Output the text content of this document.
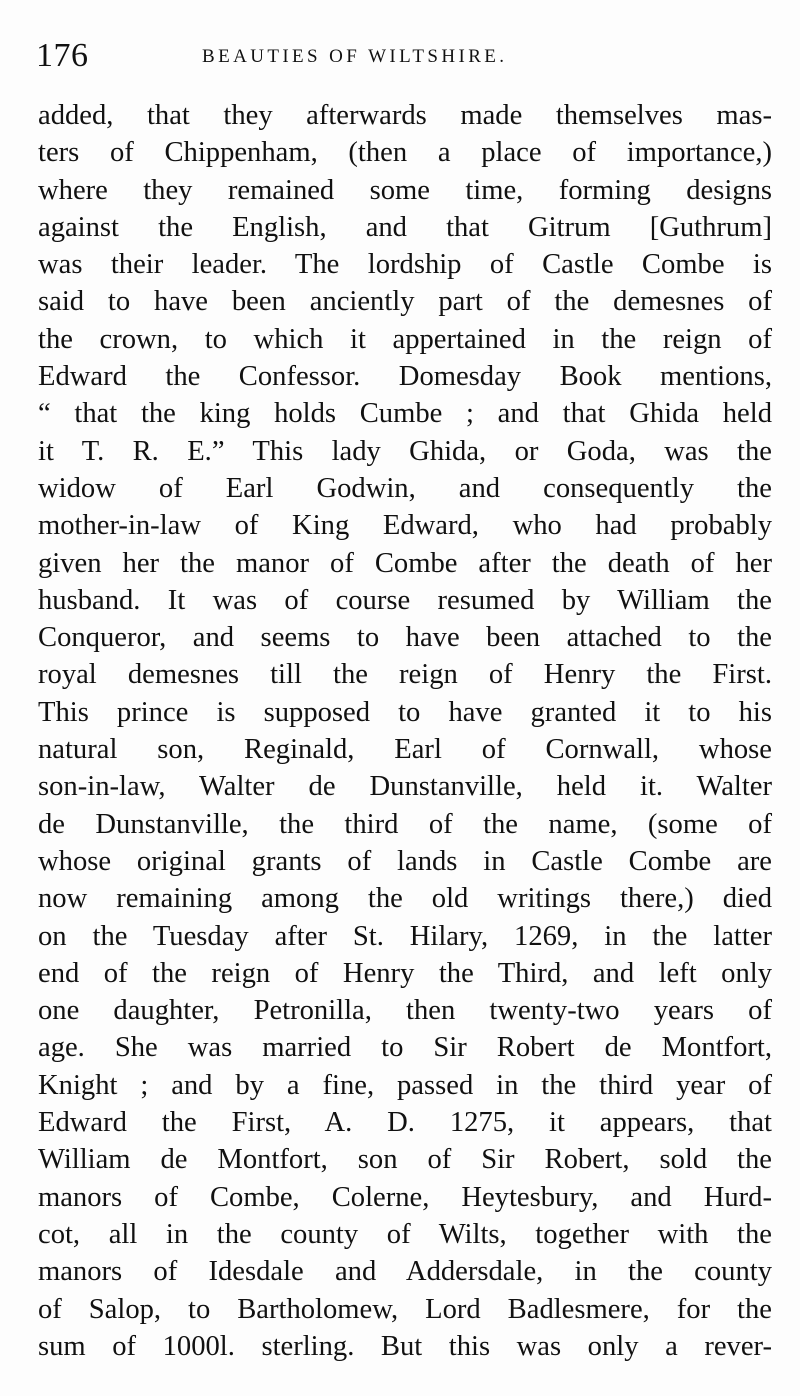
176	BEAUTIES OF WILTSHIRE.
added, that they afterwards made themselves mas-
ters of Chippenham, (then a place of importance,)
where they remained some time, forming designs
against the English, and that Gitrum [Guthrum]
was their leader. The lordship of Castle Combe is
said to have been anciently part of the demesnes of
the crown, to which it appertained in the reign of
Edward the Confessor. Domesday Book mentions,
“ that the king holds Cumbe ; and that Ghida held
it T. R. E.” This lady Ghida, or Goda, was the
widow of Earl Godwin, and consequently the
mother-in-law of King Edward, who had probably
given her the manor of Combe after the death of her
husband. It was of course resumed by William the
Conqueror, and seems to have been attached to the
royal demesnes till the reign of Henry the First.
This prince is supposed to have granted it to his
natural son, Reginald, Earl of Cornwall, whose
son-in-law, Walter de Dunstanville, held it. Walter
de Dunstanville, the third of the name, (some of
whose original grants of lands in Castle Combe are
now remaining among the old writings there,) died
on the Tuesday after St. Hilary, 1269, in the latter
end of the reign of Henry the Third, and left only
one daughter, Petronilla, then twenty-two years of
age. She was married to Sir Robert de Montfort,
Knight ; and by a fine, passed in the third year of
Edward the First, A. D. 1275, it appears, that
William de Montfort, son of Sir Robert, sold the
manors of Combe, Colerne, Heytesbury, and Hurd-
cot, all in the county of Wilts, together with the
manors of Idesdale and Addersdale, in the county
of Salop, to Bartholomew, Lord Badlesmere, for the
sum of 1000l. sterling. But this was only a rever-
